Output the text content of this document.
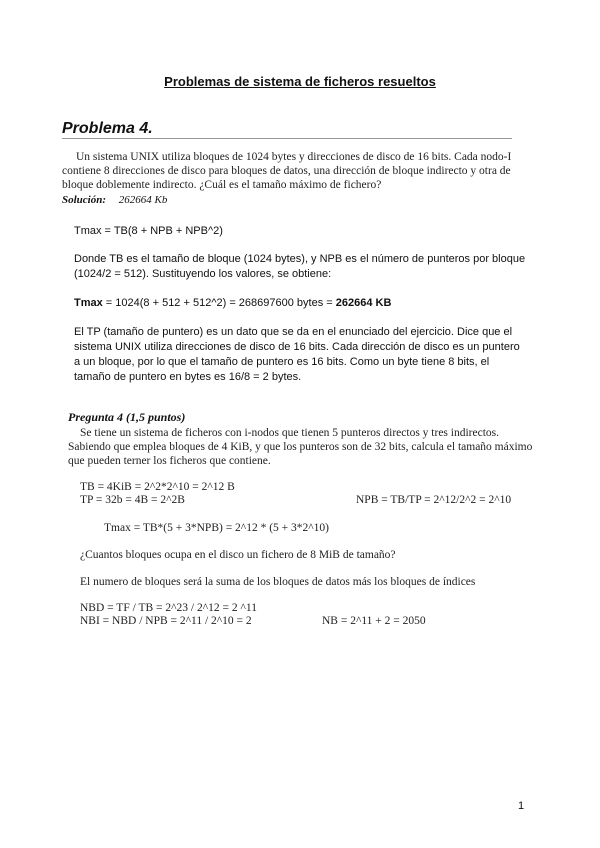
Problemas de sistema de ficheros resueltos
Problema 4.
Un sistema UNIX utiliza bloques de 1024 bytes y direcciones de disco de 16 bits. Cada nodo-I
contiene 8 direcciones de disco para bloques de datos, una dirección de bloque indirecto y otra de
bloque doblemente indirecto. ¿Cuál es el tamaño máximo de fichero?
Solución: 262664 Kb
Tmax = TB(8 + NPB + NPB^2)
Donde TB es el tamaño de bloque (1024 bytes), y NPB es el número de punteros por bloque
(1024/2 = 512). Sustituyendo los valores, se obtiene:
Tmax = 1024(8 + 512 + 512^2) = 268697600 bytes = 262664 KB
El TP (tamaño de puntero) es un dato que se da en el enunciado del ejercicio. Dice que el
sistema UNIX utiliza direcciones de disco de 16 bits. Cada dirección de disco es un puntero
a un bloque, por lo que el tamaño de puntero es 16 bits. Como un byte tiene 8 bits, el
tamaño de puntero en bytes es 16/8 = 2 bytes.
Pregunta 4 (1,5 puntos)
Se tiene un sistema de ficheros con i-nodos que tienen 5 punteros directos y tres indirectos.
Sabiendo que emplea bloques de 4 KiB, y que los punteros son de 32 bits, calcula el tamaño máximo
que pueden terner los ficheros que contiene.
TB = 4KiB = 2^2*2^10 = 2^12 B
TP = 32b = 4B = 2^2B	NPB = TB/TP = 2^12/2^2 = 2^10
Tmax = TB*(5 + 3*NPB) = 2^12 * (5 + 3*2^10)
¿Cuantos bloques ocupa en el disco un fichero de 8 MiB de tamaño?
El numero de bloques será la suma de los bloques de datos más los bloques de índices
NBD = TF / TB = 2^23 / 2^12 = 2 ^11
NBI = NBD / NPB = 2^11 / 2^10 = 2	NB = 2^11 + 2 = 2050
1
